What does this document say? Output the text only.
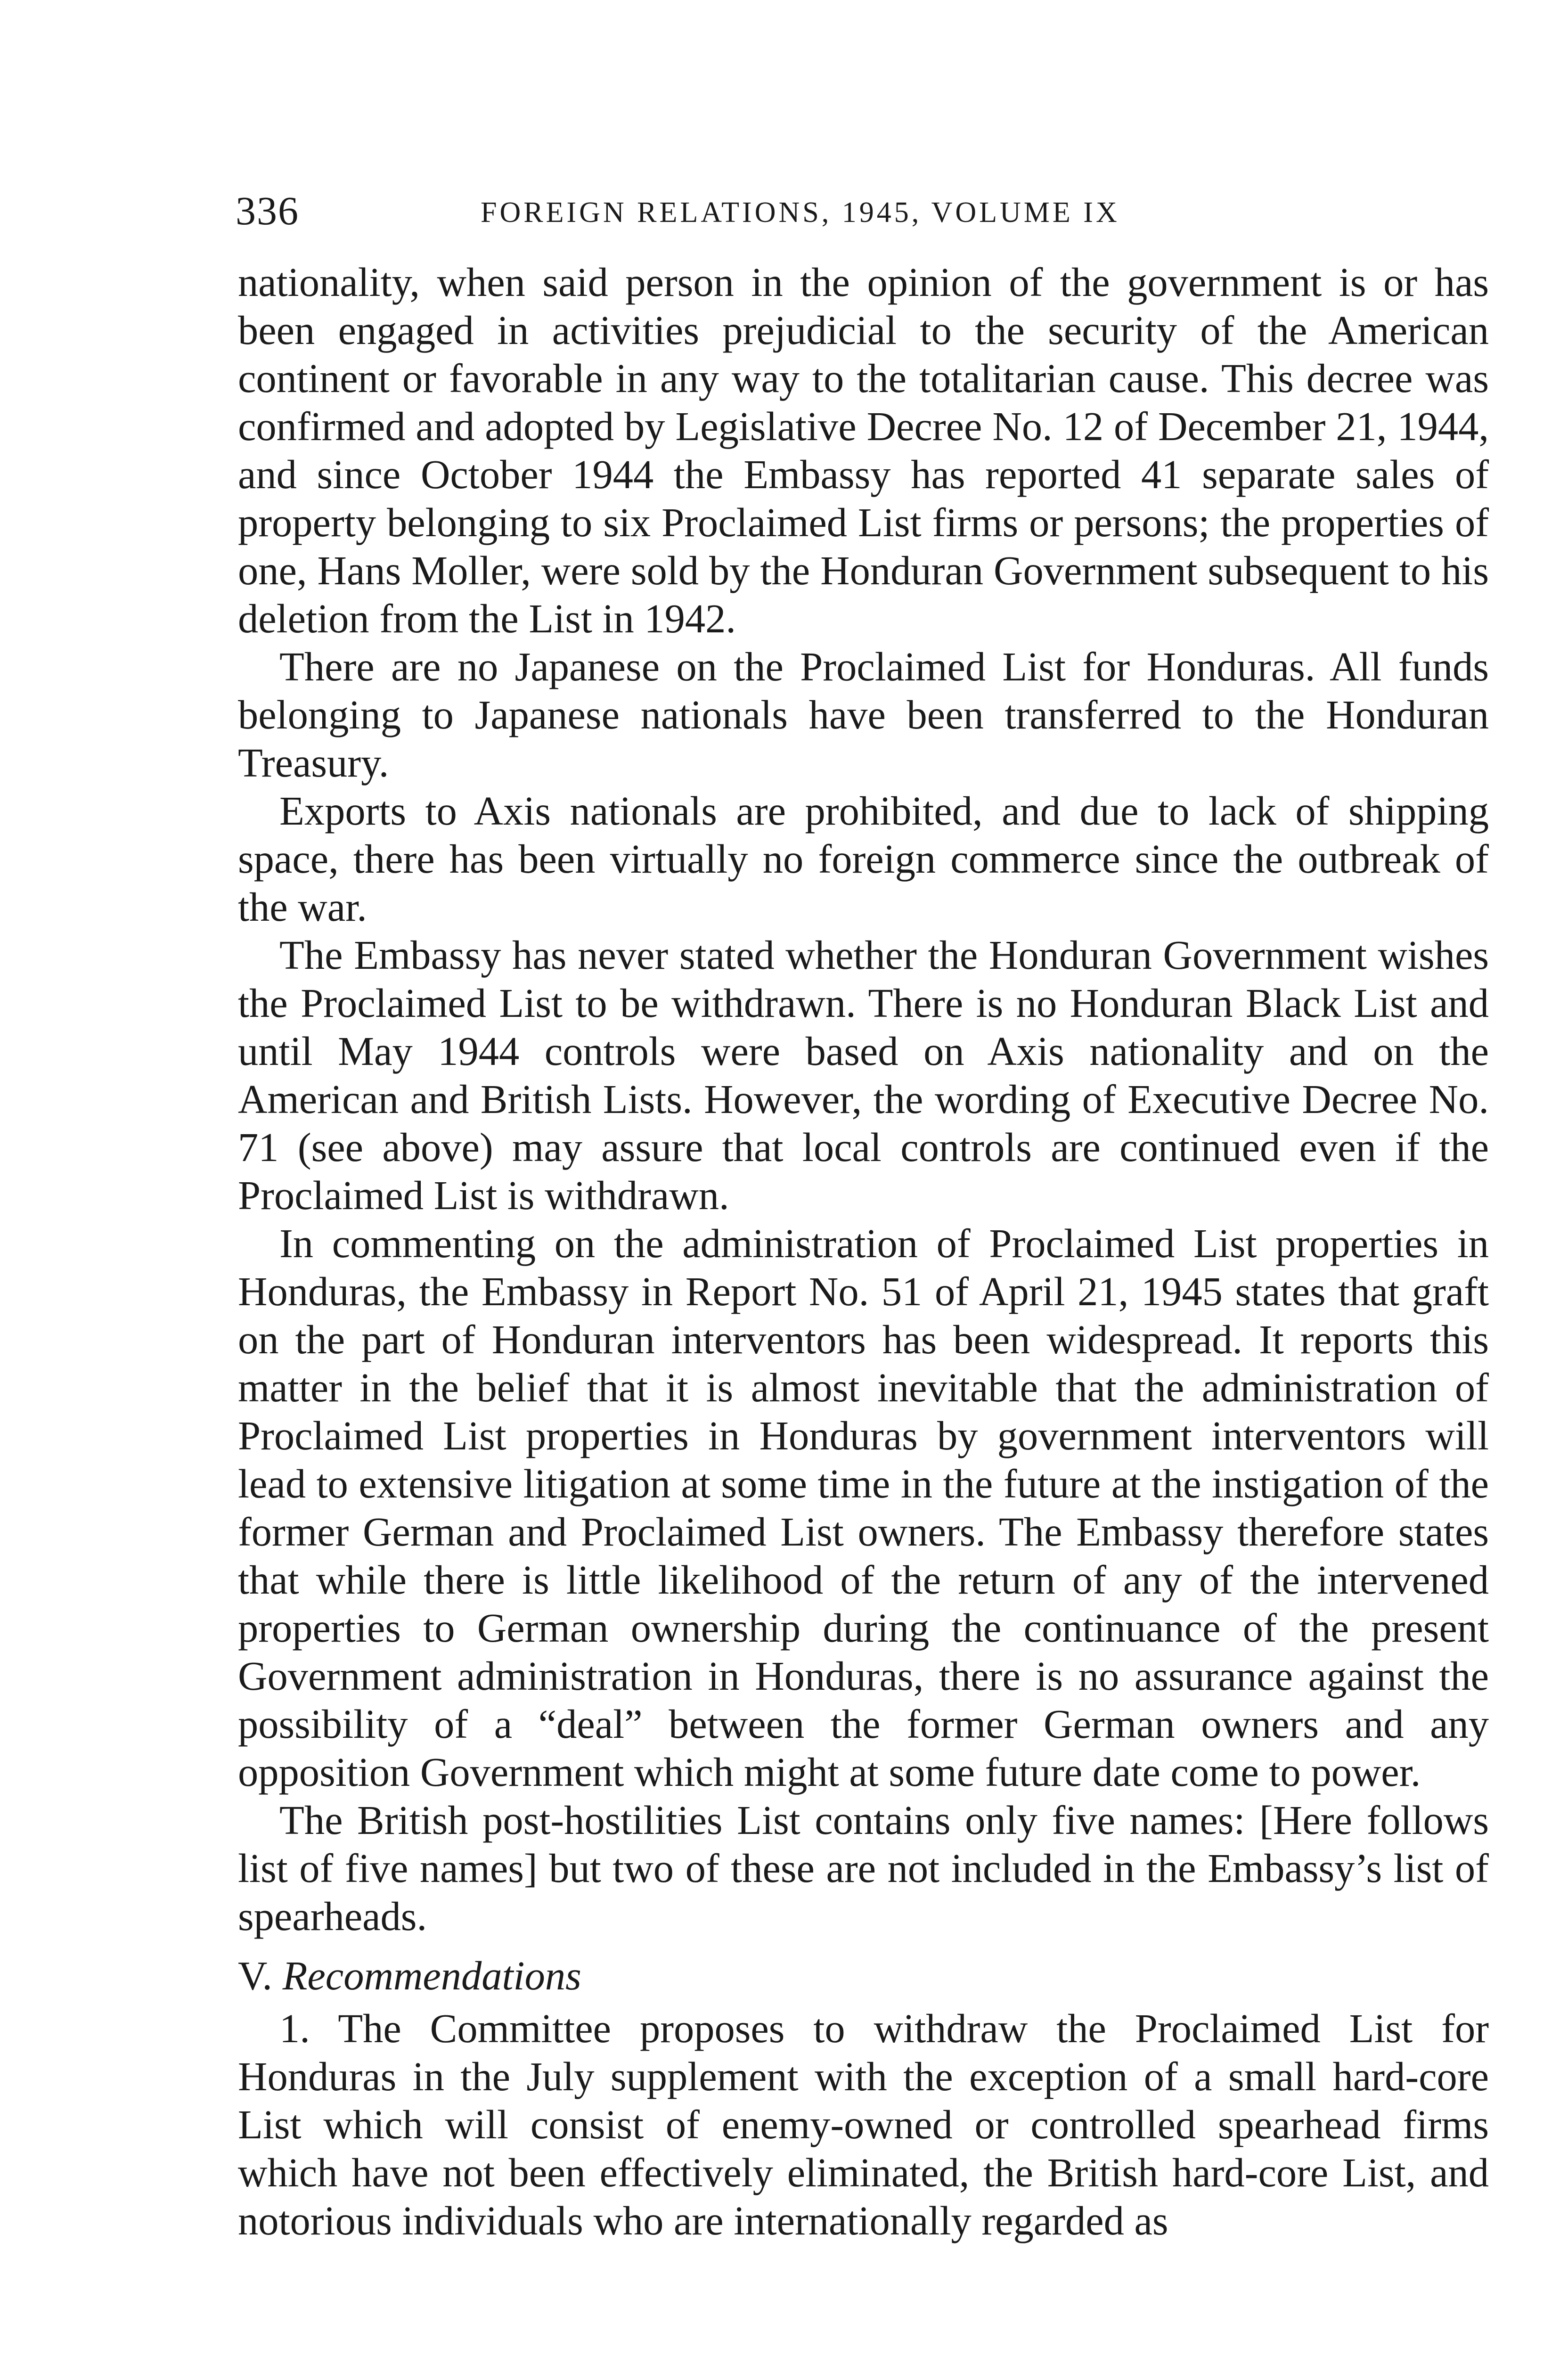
336	FOREIGN RELATIONS, 1945, VOLUME IX

nationality, when said person in the opinion of the government is or has been engaged in activities prejudicial to the security of the American continent or favorable in any way to the totalitarian cause. This decree was confirmed and adopted by Legislative Decree No. 12 of December 21, 1944, and since October 1944 the Embassy has reported 41 separate sales of property belonging to six Proclaimed List firms or persons; the properties of one, Hans Moller, were sold by the Honduran Government subsequent to his deletion from the List in 1942.

There are no Japanese on the Proclaimed List for Honduras. All funds belonging to Japanese nationals have been transferred to the Honduran Treasury.

Exports to Axis nationals are prohibited, and due to lack of shipping space, there has been virtually no foreign commerce since the outbreak of the war.

The Embassy has never stated whether the Honduran Government wishes the Proclaimed List to be withdrawn. There is no Honduran Black List and until May 1944 controls were based on Axis nationality and on the American and British Lists. However, the wording of Executive Decree No. 71 (see above) may assure that local controls are continued even if the Proclaimed List is withdrawn.

In commenting on the administration of Proclaimed List properties in Honduras, the Embassy in Report No. 51 of April 21, 1945 states that graft on the part of Honduran interventors has been widespread. It reports this matter in the belief that it is almost inevitable that the administration of Proclaimed List properties in Honduras by government interventors will lead to extensive litigation at some time in the future at the instigation of the former German and Proclaimed List owners. The Embassy therefore states that while there is little likelihood of the return of any of the intervened properties to German ownership during the continuance of the present Government administration in Honduras, there is no assurance against the possibility of a “deal” between the former German owners and any opposition Government which might at some future date come to power.

The British post-hostilities List contains only five names: [Here follows list of five names] but two of these are not included in the Embassy’s list of spearheads.

V. Recommendations

1. The Committee proposes to withdraw the Proclaimed List for Honduras in the July supplement with the exception of a small hard-core List which will consist of enemy-owned or controlled spearhead firms which have not been effectively eliminated, the British hard-core List, and notorious individuals who are internationally regarded as
